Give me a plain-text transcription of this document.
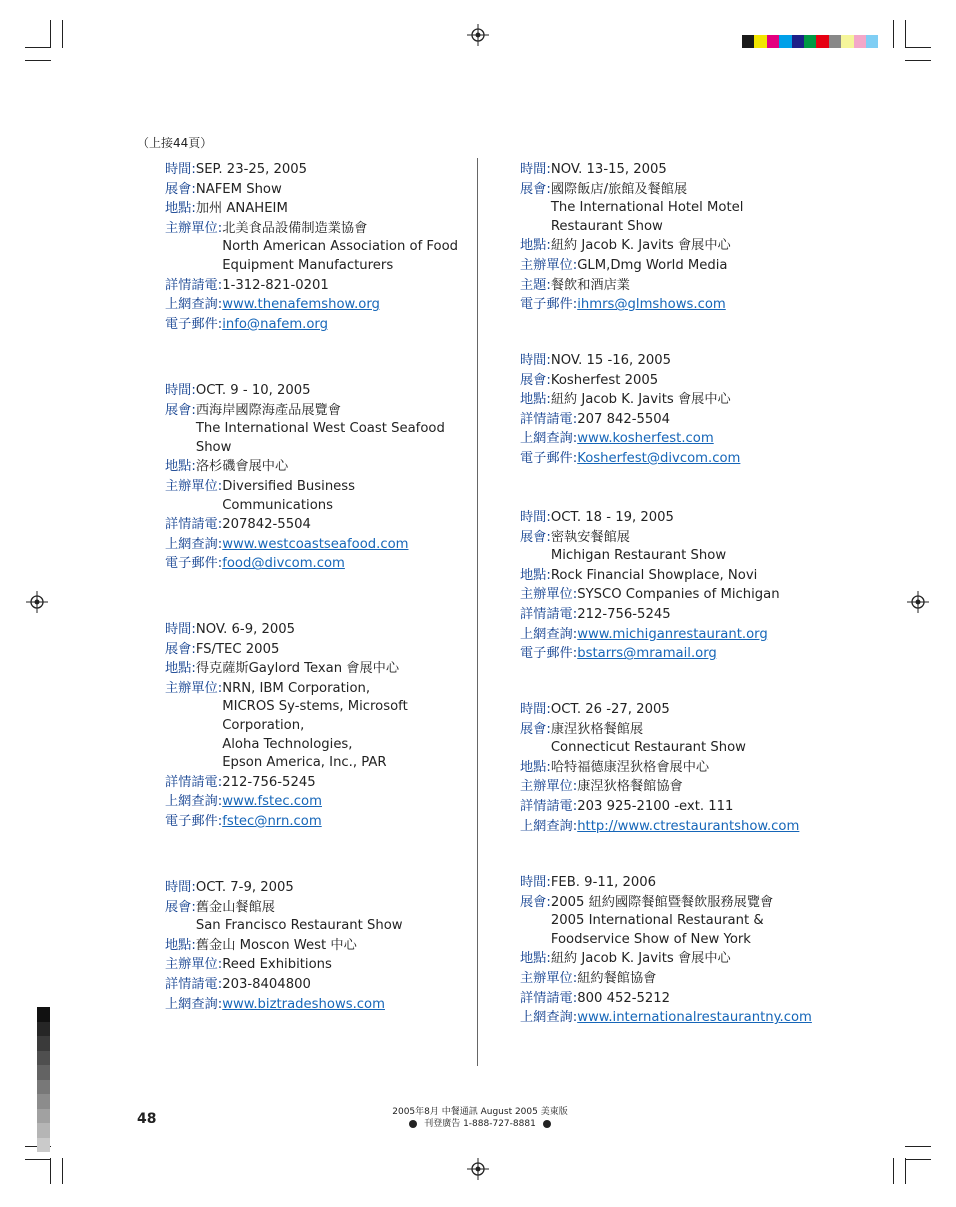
（上接44頁）
時間: SEP. 23-25, 2005
展會: NAFEM Show
地點: 加州 ANAHEIM
主辦單位: 北美食品設備制造業協會
North American Association of Food
Equipment Manufacturers
詳情請電: 1-312-821-0201
上網查詢: www.thenafemshow.org
電子郵件: info@nafem.org
時間: OCT. 9 - 10, 2005
展會: 西海岸國際海產品展覽會
The International West Coast Seafood
Show
地點: 洛杉磯會展中心
主辦單位: Diversified Business
Communications
詳情請電: 207842-5504
上網查詢: www.westcoastseafood.com
電子郵件: food@divcom.com
時間: NOV. 6-9, 2005
展會: FS/TEC 2005
地點: 得克薩斯Gaylord Texan 會展中心
主辦單位: NRN, IBM Corporation,
MICROS Sy-stems, Microsoft
Corporation,
Aloha Technologies,
Epson America, Inc., PAR
詳情請電: 212-756-5245
上網查詢: www.fstec.com
電子郵件: fstec@nrn.com
時間: OCT. 7-9, 2005
展會: 舊金山餐館展
San Francisco Restaurant Show
地點: 舊金山 Moscon West 中心
主辦單位: Reed Exhibitions
詳情請電: 203-8404800
上網查詢: www.biztradeshows.com
時間: NOV. 13-15, 2005
展會: 國際飯店/旅館及餐館展
The International Hotel Motel
Restaurant Show
地點: 紐約 Jacob K. Javits 會展中心
主辦單位: GLM,Dmg World Media
主題: 餐飲和酒店業
電子郵件: ihmrs@glmshows.com
時間: NOV. 15 -16, 2005
展會: Kosherfest 2005
地點: 紐約 Jacob K. Javits 會展中心
詳情請電: 207 842-5504
上網查詢: www.kosherfest.com
電子郵件: Kosherfest@divcom.com
時間: OCT. 18 - 19, 2005
展會: 密執安餐館展
Michigan Restaurant Show
地點: Rock Financial Showplace, Novi
主辦單位: SYSCO Companies of Michigan
詳情請電: 212-756-5245
上網查詢: www.michiganrestaurant.org
電子郵件: bstarrs@mramail.org
時間: OCT. 26 -27, 2005
展會: 康涅狄格餐館展
Connecticut Restaurant Show
地點: 哈特福德康涅狄格會展中心
主辦單位: 康涅狄格餐館協會
詳情請電: 203 925-2100 -ext. 111
上網查詢: http://www.ctrestaurantshow.com
時間: FEB. 9-11, 2006
展會: 2005 紐約國際餐館暨餐飲服務展覽會
2005 International Restaurant &
Foodservice Show of New York
地點: 紐約 Jacob K. Javits 會展中心
主辦單位: 紐約餐館協會
詳情請電: 800 452-5212
上網查詢: www.internationalrestaurantny.com
48	2005年8月 中餐通訊 August 2005 美東版
刊登廣告 1-888-727-8881
